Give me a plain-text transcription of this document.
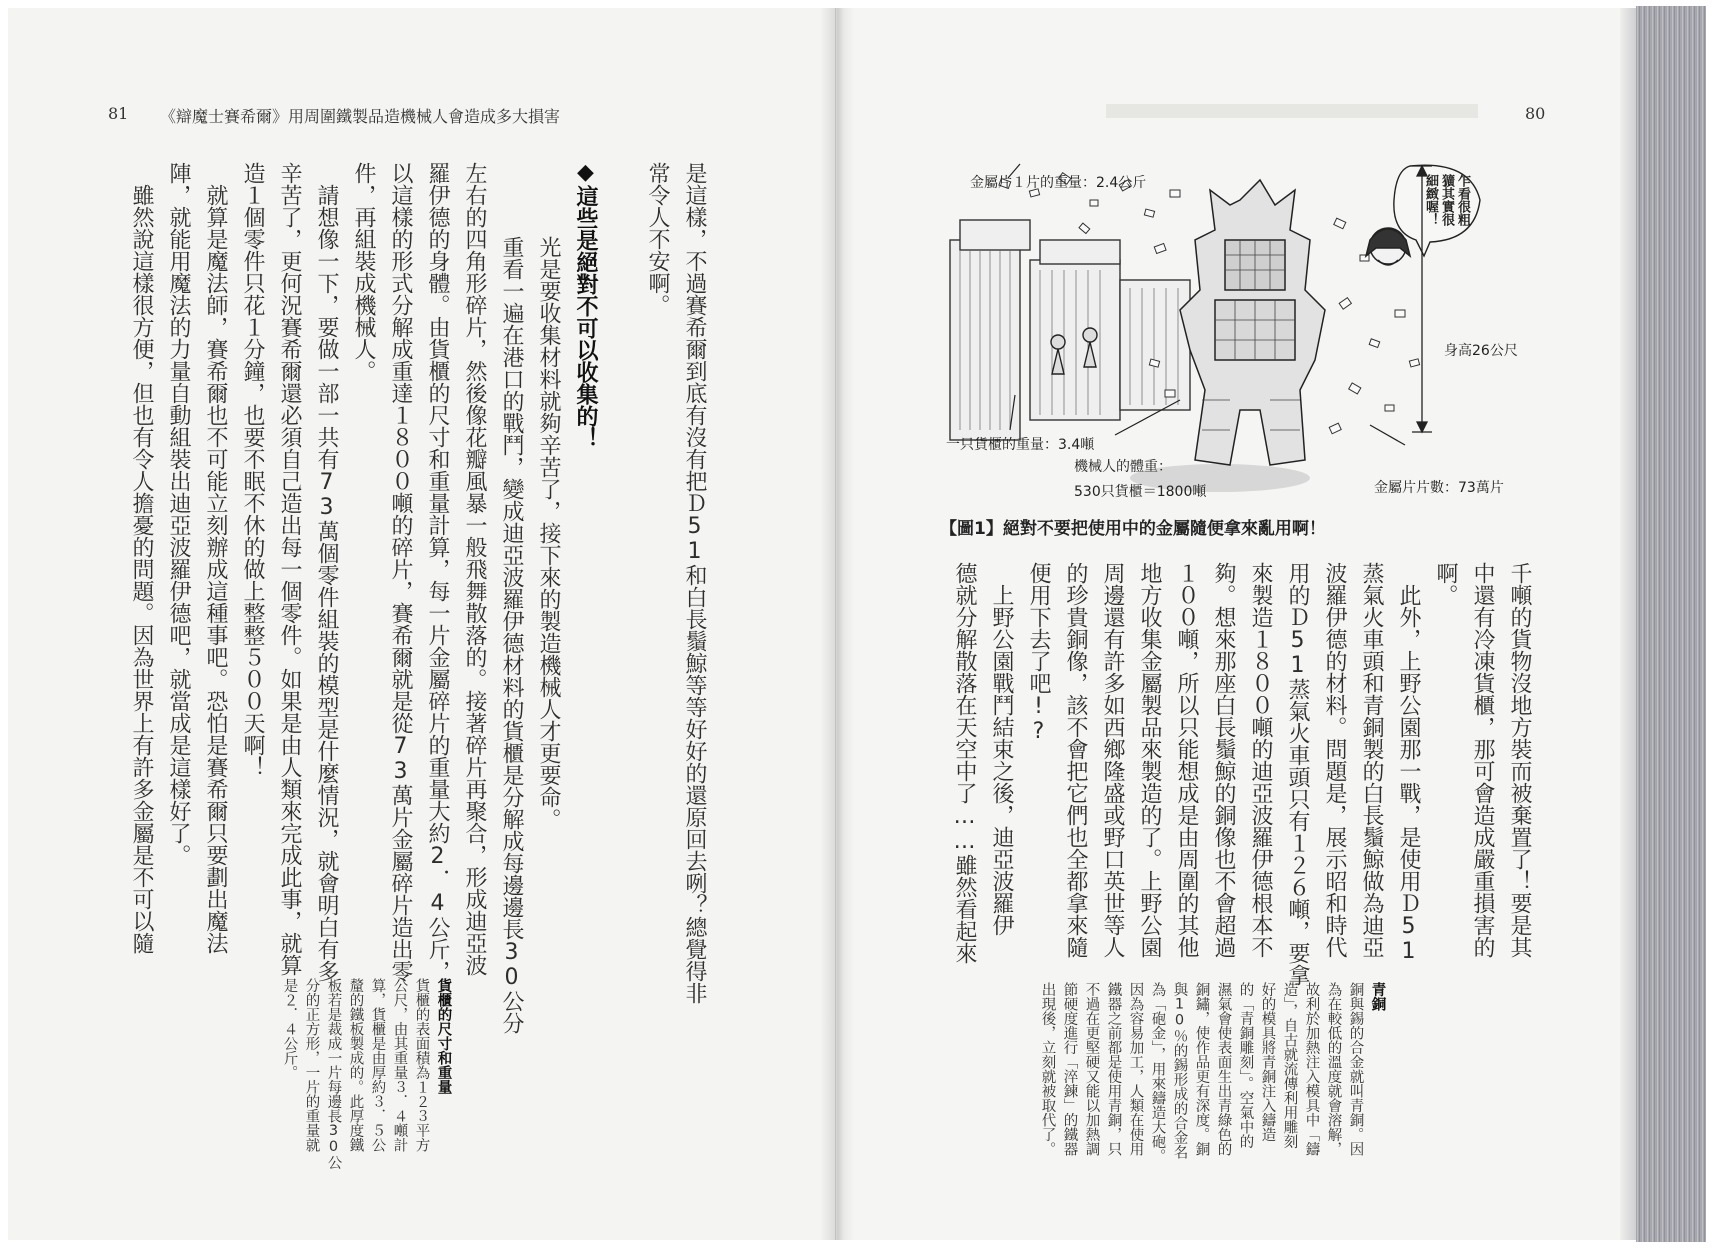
81 《辯魔士賽希爾》用周圍鐵製品造機械人會造成多大損害
是這樣，不過賽希爾到底有沒有把Ｄ51和白長鬚鯨等等好好的還原回去咧？總覺得非
常令人不安啊。
◆這些是絕對不可以收集的！
　光是要收集材料就夠辛苦了，接下來的製造機械人才更要命。
　重看一遍在港口的戰鬥，變成迪亞波羅伊德材料的貨櫃是分解成每邊邊長30公分
左右的四角形碎片，然後像花瓣風暴一般飛舞散落的。接著碎片再聚合，形成迪亞波
羅伊德的身體。由貨櫃的尺寸和重量計算，每一片金屬碎片的重量大約2．4公斤，
以這樣的形式分解成重達１８００噸的碎片，賽希爾就是從73萬片金屬碎片造出零
件，再組裝成機械人。
　請想像一下，要做一部一共有73萬個零件組裝的模型是什麼情況，就會明白有多
辛苦了，更何況賽希爾還必須自己造出每一個零件。如果是由人類來完成此事，就算
造１個零件只花１分鐘，也要不眠不休的做上整整５００天啊！
　就算是魔法師，賽希爾也不可能立刻辦成這種事吧。恐怕是賽希爾只要劃出魔法
陣，就能用魔法的力量自動組裝出迪亞波羅伊德吧，就當成是這樣好了。
　雖然說這樣很方便，但也有令人擔憂的問題。因為世界上有許多金屬是不可以隨
貨櫃的尺寸和重量
貨櫃的表面積為１２３平方
公尺，由其重量３．４噸計
算，貨櫃是由厚約３．５公
釐的鐵板製成的。此厚度鐵
板若是裁成一片每邊長30公
分的正方形，一片的重量就
是２．４公斤。
80
乍看很粗
獷其實很
細緻喔！
金屬片１片的重量：2.4公斤
身高26公尺
一只貨櫃的重量：3.4噸
機械人的體重：
530只貨櫃＝1800噸	金屬片片數：73萬片
【圖1】絕對不要把使用中的金屬隨便拿來亂用啊！
千噸的貨物沒地方裝而被棄置了！要是其
中還有冷凍貨櫃，那可會造成嚴重損害的
啊。
　此外，上野公園那一戰，是使用Ｄ51
蒸氣火車頭和青銅製的白長鬚鯨做為迪亞
波羅伊德的材料。問題是，展示昭和時代
用的Ｄ51蒸氣火車頭只有１２６噸，要拿
來製造１８００噸的迪亞波羅伊德根本不
夠。想來那座白長鬚鯨的銅像也不會超過
１００噸，所以只能想成是由周圍的其他
地方收集金屬製品來製造的了。上野公園
周邊還有許多如西鄉隆盛或野口英世等人
的珍貴銅像，該不會把它們也全都拿來隨
便用下去了吧!?
　上野公園戰鬥結束之後，迪亞波羅伊
德就分解散落在天空中了……雖然看起來
青銅
銅與錫的合金就叫青銅。因
為在較低的溫度就會溶解，
故利於加熱注入模具中「鑄
造」，自古就流傳利用雕刻
好的模具將青銅注入鑄造
的「青銅雕刻」。空氣中的
濕氣會使表面生出青綠色的
銅鏽，使作品更有深度。銅
與10％的錫形成的合金名
為「砲金」，用來鑄造大砲。
因為容易加工，人類在使用
鐵器之前都是使用青銅，只
不過在更堅硬又能以加熱調
節硬度進行「淬鍊」的鐵器
出現後，立刻就被取代了。
